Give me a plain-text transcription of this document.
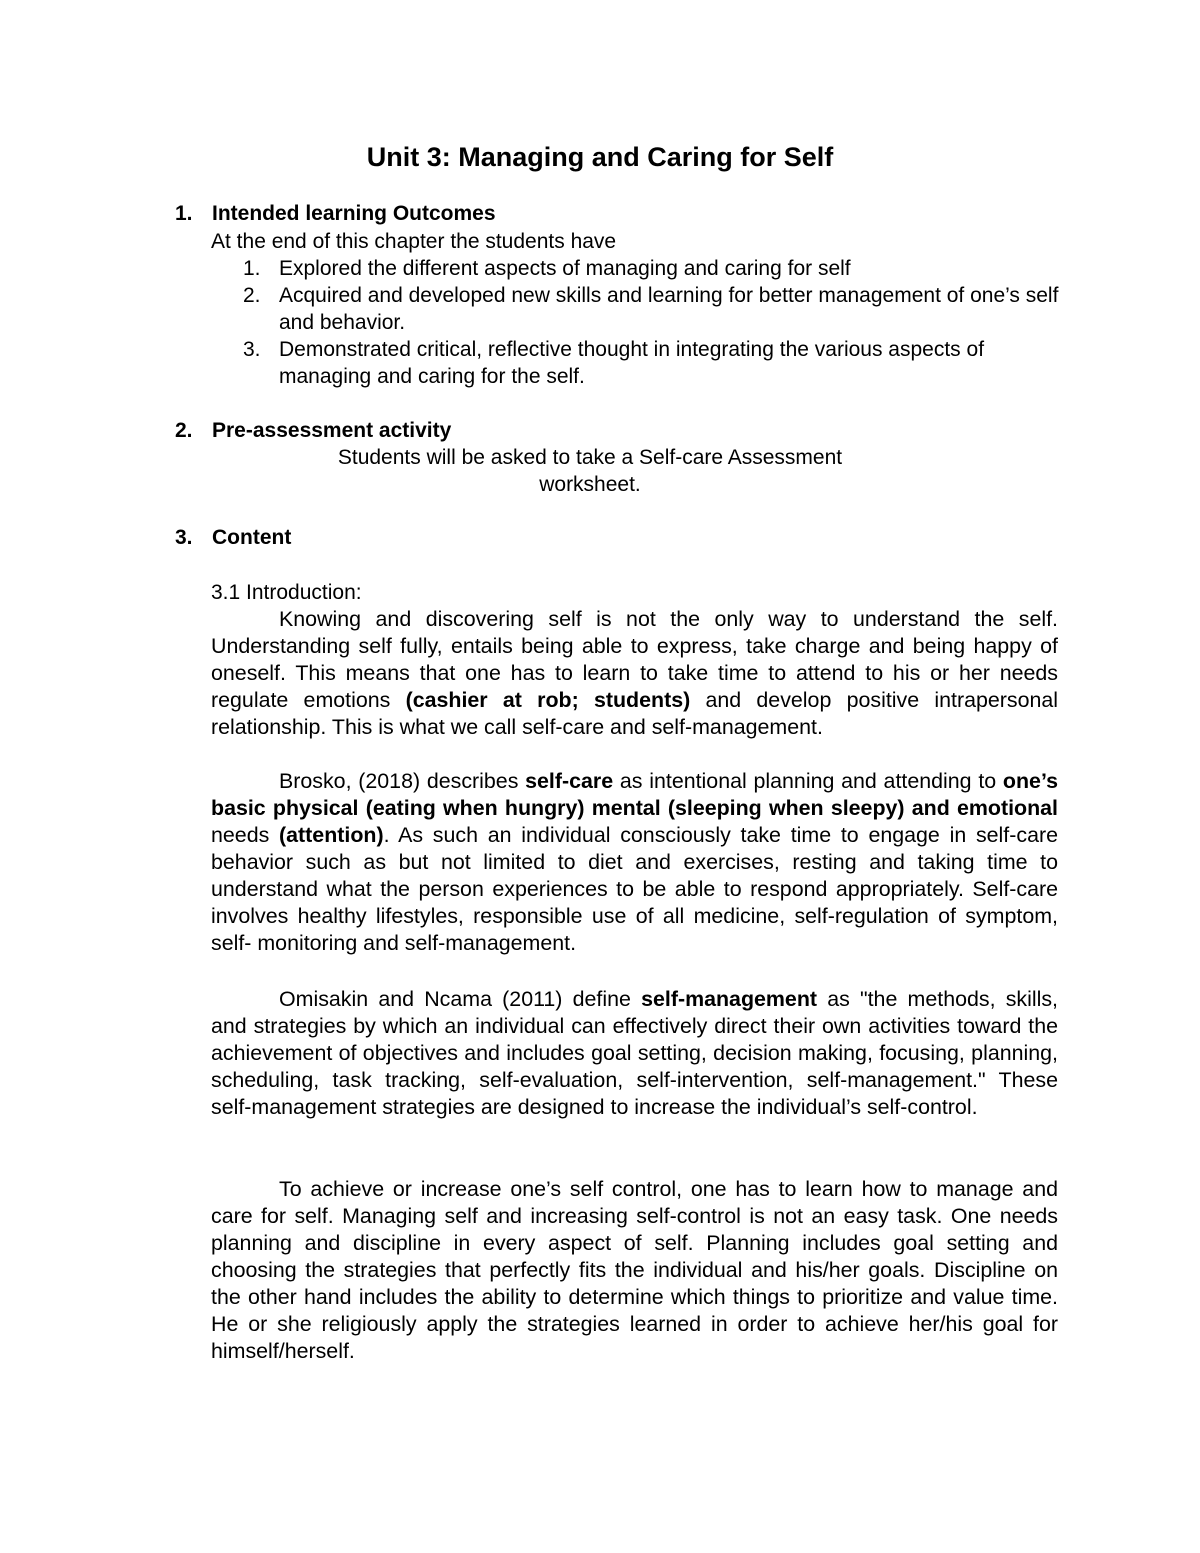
Unit 3: Managing and Caring for Self
1. Intended learning Outcomes
At the end of this chapter the students have
1. Explored the different aspects of managing and caring for self

2. Acquired and developed new skills and learning for better management of one’s self and behavior.

3. Demonstrated critical, reflective thought in integrating the various aspects of managing and caring for the self.

2. Pre-assessment activity
Students will be asked to take a Self-care Assessment
worksheet.
3. Content
3.1 Introduction:

Knowing and discovering self is not the only way to understand the self. Understanding self fully, entails being able to express, take charge and being happy of oneself. This means that one has to learn to take time to attend to his or her needs regulate emotions (cashier at rob; students) and develop positive intrapersonal relationship. This is what we call self-care and self-management.

Brosko, (2018) describes self-care as intentional planning and attending to one’s basic physical (eating when hungry) mental (sleeping when sleepy) and emotional needs (attention). As such an individual consciously take time to engage in self-care behavior such as but not limited to diet and exercises, resting and taking time to understand what the person experiences to be able to respond appropriately. Self-care involves healthy lifestyles, responsible use of all medicine, self-regulation of symptom, self- monitoring and self-management.

Omisakin and Ncama (2011) define self-management as "the methods, skills, and strategies by which an individual can effectively direct their own activities toward the achievement of objectives and includes goal setting, decision making, focusing, planning, scheduling, task tracking, self-evaluation, self-intervention, self-management." These self-management strategies are designed to increase the individual’s self-control.

To achieve or increase one’s self control, one has to learn how to manage and care for self. Managing self and increasing self-control is not an easy task. One needs planning and discipline in every aspect of self. Planning includes goal setting and choosing the strategies that perfectly fits the individual and his/her goals. Discipline on the other hand includes the ability to determine which things to prioritize and value time. He or she religiously apply the strategies learned in order to achieve her/his goal for himself/herself.
